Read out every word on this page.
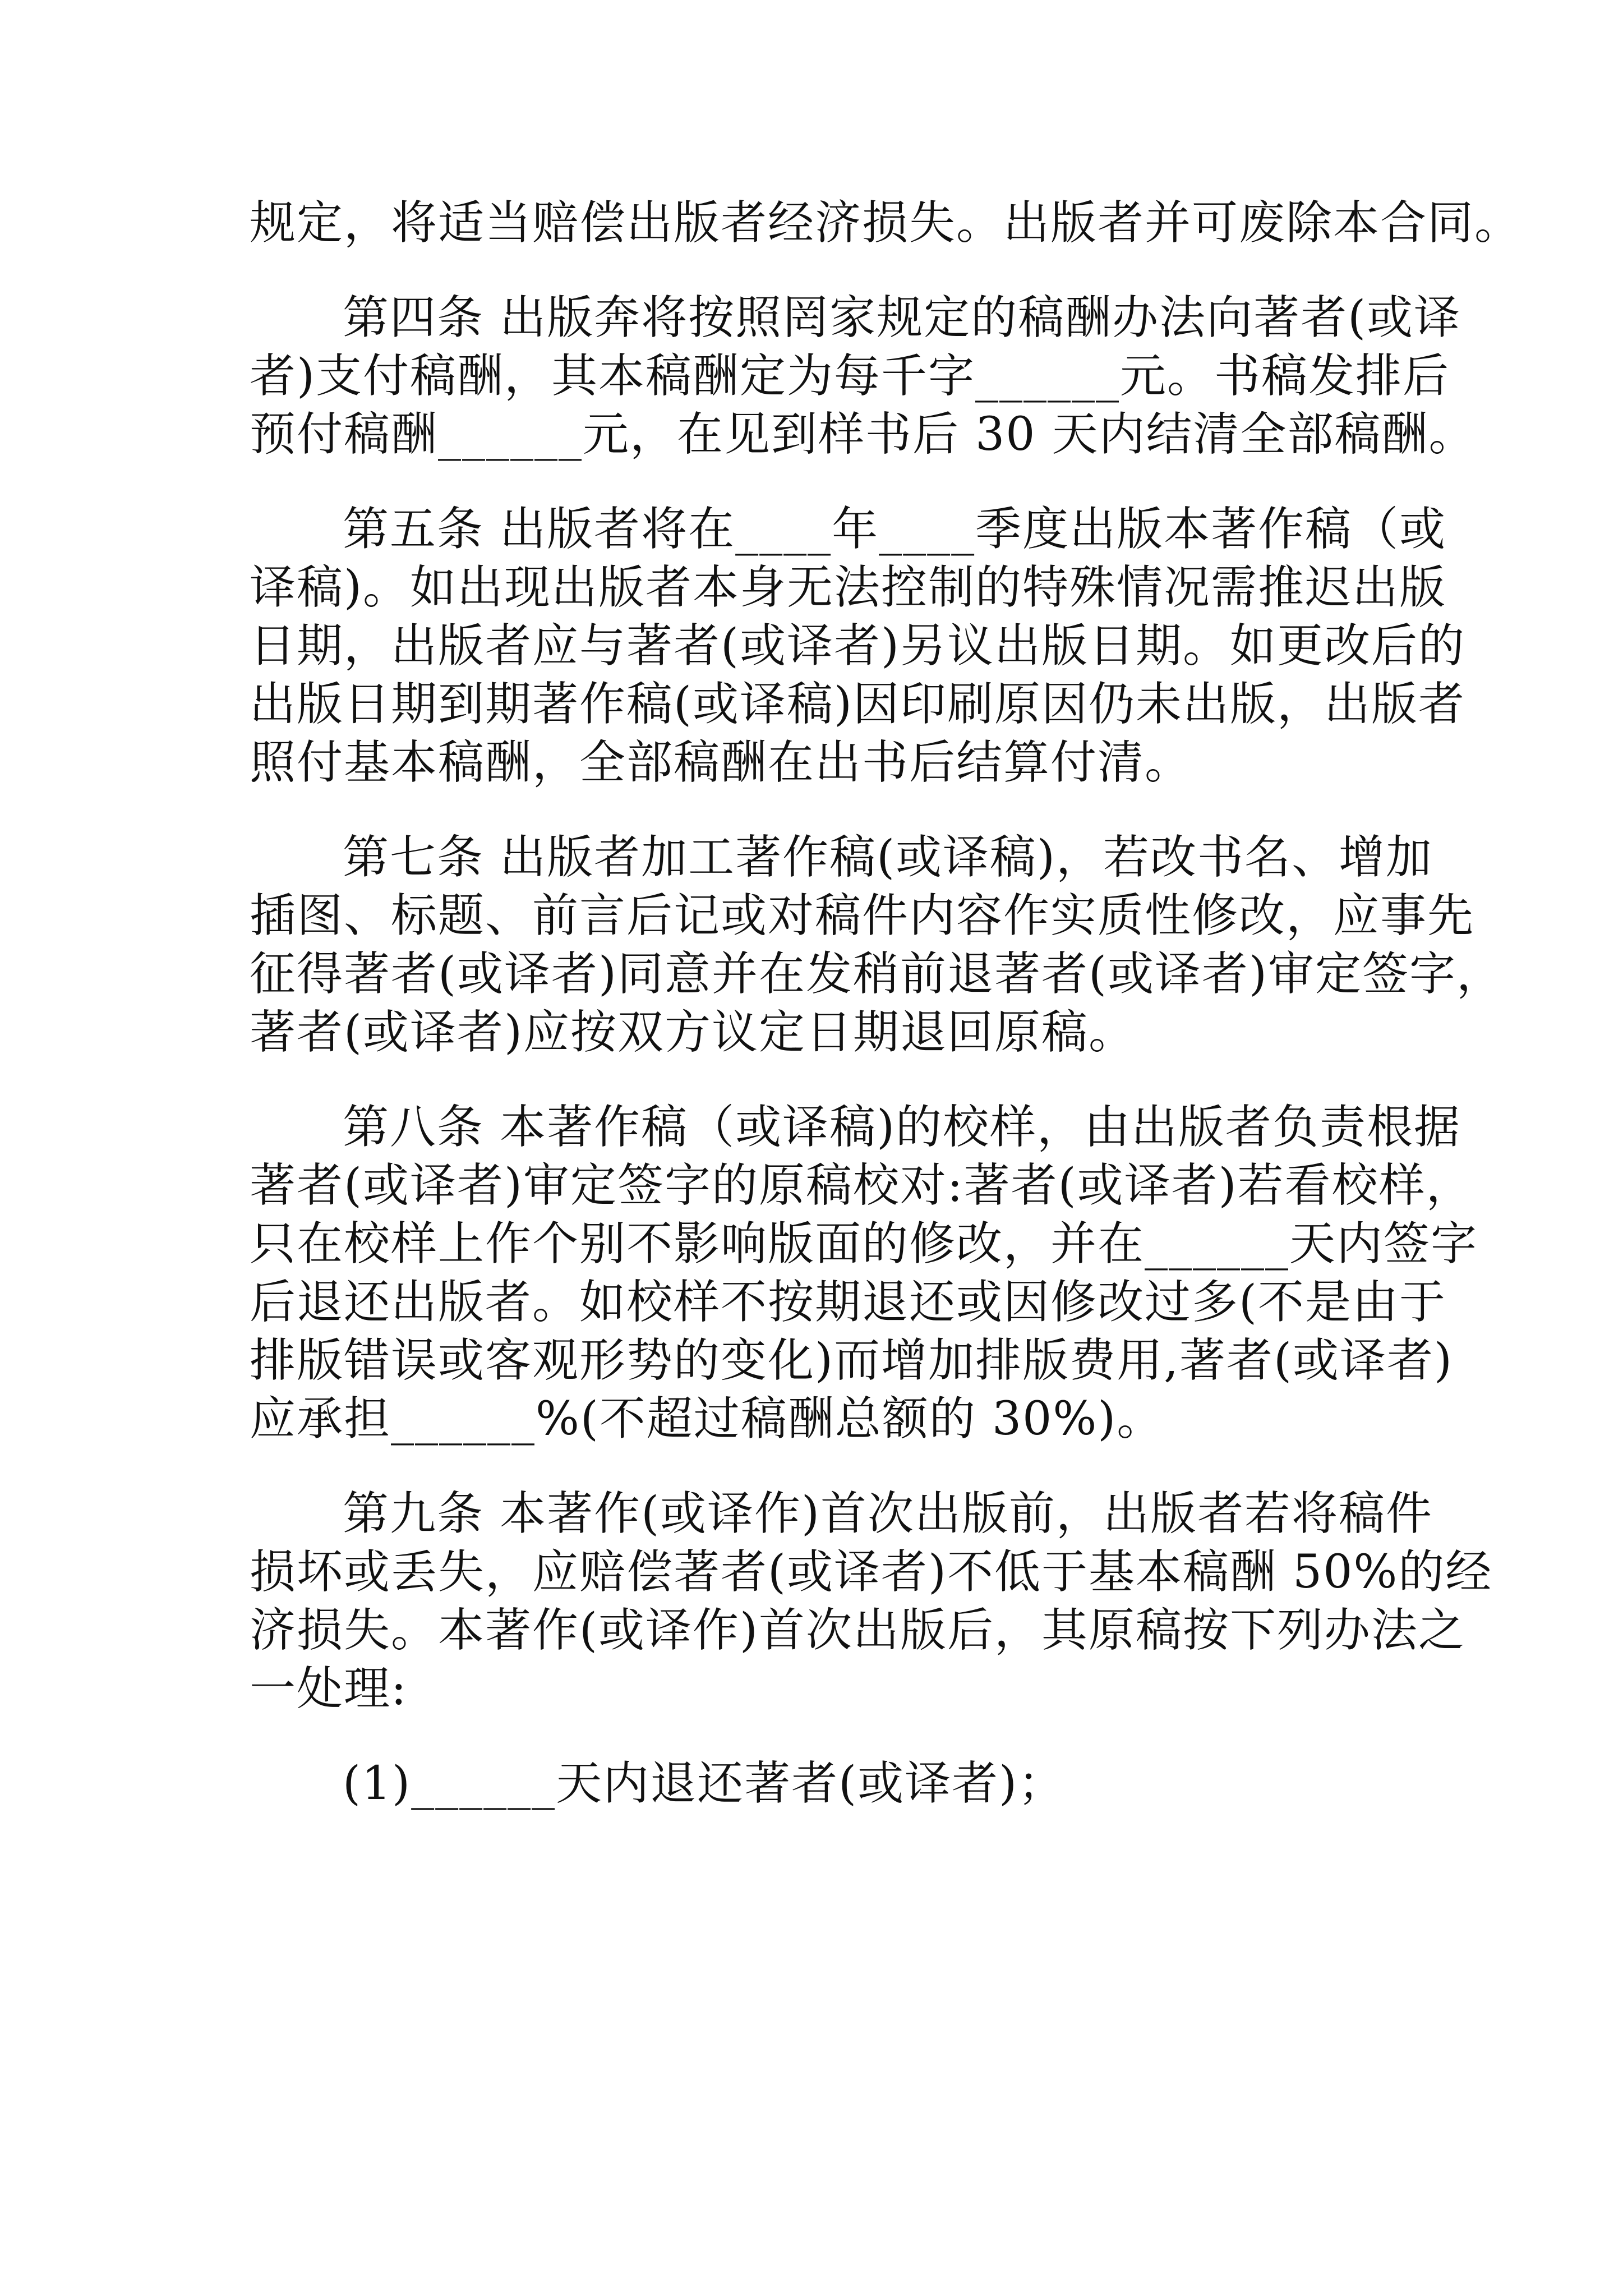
规定，将适当赔偿出版者经济损失。出版者并可废除本合同。
第四条 出版奔将按照罔家规定的稿酬办法向著者(或译
者)支付稿酬，其本稿酬定为每千字______元。书稿发排后
预付稿酬______元，在见到样书后 30 天内结清全部稿酬。
第五条 出版者将在____年____季度出版本著作稿（或
译稿)。如出现出版者本身无法控制的特殊情况需推迟出版
日期，出版者应与著者(或译者)另议出版日期。如更改后的
出版日期到期著作稿(或译稿)因印刷原因仍未出版，出版者
照付基本稿酬，全部稿酬在出书后结算付清。
第七条 出版者加工著作稿(或译稿)，若改书名、增加
插图、标题、前言后记或对稿件内容作实质性修改，应事先
征得著者(或译者)同意并在发稍前退著者(或译者)审定签字，
著者(或译者)应按双方议定日期退回原稿。
第八条 本著作稿（或译稿)的校样，由出版者负责根据
著者(或译者)审定签字的原稿校对:著者(或译者)若看校样，
只在校样上作个别不影响版面的修改，并在______天内签字
后退还出版者。如校样不按期退还或因修改过多(不是由于
排版错误或客观形势的变化)而增加排版费用,著者(或译者)
应承担______%(不超过稿酬总额的 30%)。
第九条 本著作(或译作)首次出版前，出版者若将稿件
损坏或丢失，应赔偿著者(或译者)不低于基本稿酬 50%的经
济损失。本著作(或译作)首次出版后，其原稿按下列办法之
一处理:
(1)______天内退还著者(或译者)；
